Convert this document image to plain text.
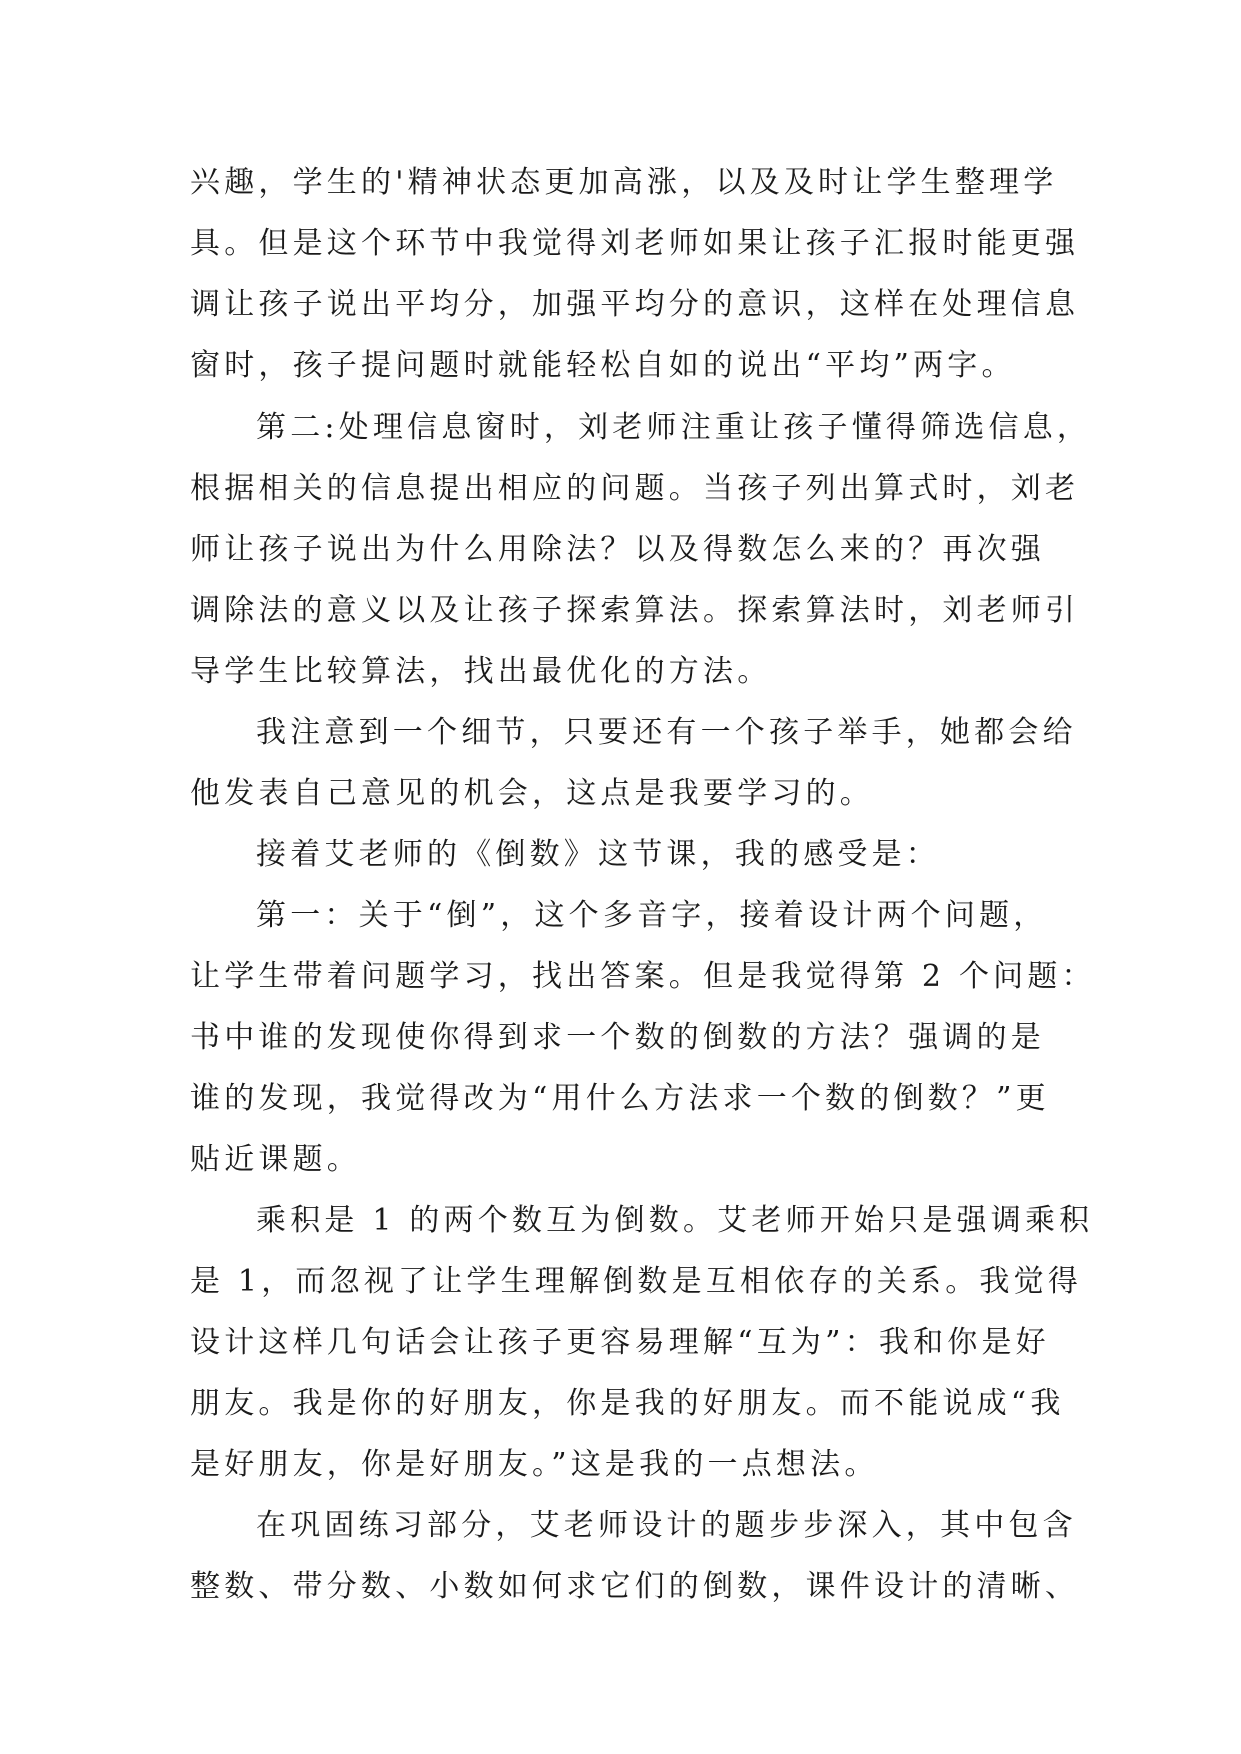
兴趣，学生的'精神状态更加高涨，以及及时让学生整理学
具。但是这个环节中我觉得刘老师如果让孩子汇报时能更强
调让孩子说出平均分，加强平均分的意识，这样在处理信息
窗时，孩子提问题时就能轻松自如的说出“平均”两字。
第二:处理信息窗时，刘老师注重让孩子懂得筛选信息，
根据相关的信息提出相应的问题。当孩子列出算式时，刘老
师让孩子说出为什么用除法？以及得数怎么来的？再次强
调除法的意义以及让孩子探索算法。探索算法时，刘老师引
导学生比较算法，找出最优化的方法。
我注意到一个细节，只要还有一个孩子举手，她都会给
他发表自己意见的机会，这点是我要学习的。
接着艾老师的《倒数》这节课，我的感受是：
第一：关于“倒”，这个多音字，接着设计两个问题，
让学生带着问题学习，找出答案。但是我觉得第 2 个问题：
书中谁的发现使你得到求一个数的倒数的方法？强调的是
谁的发现，我觉得改为“用什么方法求一个数的倒数？”更
贴近课题。
乘积是 1 的两个数互为倒数。艾老师开始只是强调乘积
是 1，而忽视了让学生理解倒数是互相依存的关系。我觉得
设计这样几句话会让孩子更容易理解“互为”：我和你是好
朋友。我是你的好朋友，你是我的好朋友。而不能说成“我
是好朋友，你是好朋友。”这是我的一点想法。
在巩固练习部分，艾老师设计的题步步深入，其中包含
整数、带分数、小数如何求它们的倒数，课件设计的清晰、
